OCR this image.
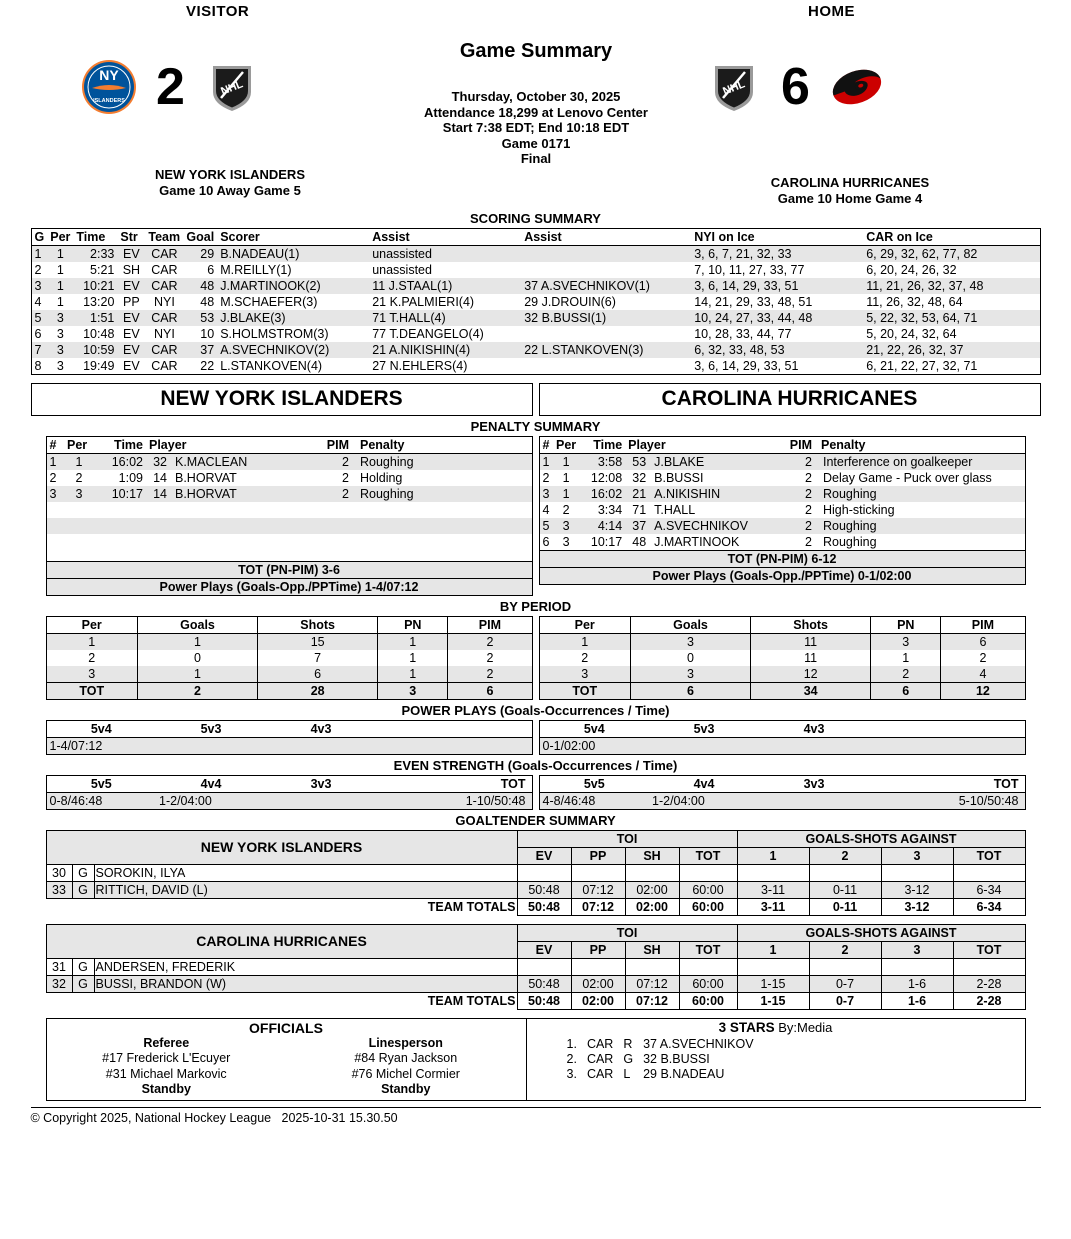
VISITOR	HOME
NY
ISLANDERS 2	NHL
Game Summary
Thursday, October 30, 2025
Attendance 18,299 at Lenovo Center
Start 7:38 EDT; End 10:18 EDT
Game 0171
Final
NHL 6
NEW YORK ISLANDERS
Game 10 Away Game 5
CAROLINA HURRICANES
Game 10 Home Game 4
SCORING SUMMARY
G	Per	Time	Str	Team	Goal	Scorer	Assist	Assist	NYI on Ice	CAR on Ice
1	1	2:33	EV	CAR	29	B.NADEAU(1)	unassisted		3, 6, 7, 21, 32, 33	6, 29, 32, 62, 77, 82
2	1	5:21	SH	CAR	6	M.REILLY(1)	unassisted		7, 10, 11, 27, 33, 77	6, 20, 24, 26, 32
3	1	10:21	EV	CAR	48	J.MARTINOOK(2)	11 J.STAAL(1)	37 A.SVECHNIKOV(1)	3, 6, 14, 29, 33, 51	11, 21, 26, 32, 37, 48
4	1	13:20	PP	NYI	48	M.SCHAEFER(3)	21 K.PALMIERI(4)	29 J.DROUIN(6)	14, 21, 29, 33, 48, 51	11, 26, 32, 48, 64
5	3	1:51	EV	CAR	53	J.BLAKE(3)	71 T.HALL(4)	32 B.BUSSI(1)	10, 24, 27, 33, 44, 48	5, 22, 32, 53, 64, 71
6	3	10:48	EV	NYI	10	S.HOLMSTROM(3)	77 T.DEANGELO(4)		10, 28, 33, 44, 77	5, 20, 24, 32, 64
7	3	10:59	EV	CAR	37	A.SVECHNIKOV(2)	21 A.NIKISHIN(4)	22 L.STANKOVEN(3)	6, 32, 33, 48, 53	21, 22, 26, 32, 37
8	3	19:49	EV	CAR	22	L.STANKOVEN(4)	27 N.EHLERS(4)		3, 6, 14, 29, 33, 51	6, 21, 22, 27, 32, 71
NEW YORK ISLANDERS	CAROLINA HURRICANES
PENALTY SUMMARY
#	Per	Time	Player		PIM	Penalty
1	1	16:02	32	K.MACLEAN	2	Roughing
2	2	1:09	14	B.HORVAT	2	Holding
3	3	10:17	14	B.HORVAT	2	Roughing

TOT (PN-PIM) 3-6						
Power Plays (Goals-Opp./PPTime) 1-4/07:12						
#	Per	Time	Player		PIM	Penalty
1	1	3:58	53	J.BLAKE	2	Interference on goalkeeper
2	1	12:08	32	B.BUSSI	2	Delay Game - Puck over glass
3	1	16:02	21	A.NIKISHIN	2	Roughing
4	2	3:34	71	T.HALL	2	High-sticking
5	3	4:14	37	A.SVECHNIKOV	2	Roughing
6	3	10:17	48	J.MARTINOOK	2	Roughing
TOT (PN-PIM) 6-12						
Power Plays (Goals-Opp./PPTime) 0-1/02:00						
BY PERIOD
Per	Goals	Shots	PN	PIM
1	1	15	1	2
2	0	7	1	2
3	1	6	1	2
TOT	2	28	3	6
Per	Goals	Shots	PN	PIM
1	3	11	3	6
2	0	11	1	2
3	3	12	2	4
TOT	6	34	6	12
POWER PLAYS (Goals-Occurrences / Time)
5v4	5v3	4v3	
1-4/07:12			
5v4	5v3	4v3	
0-1/02:00			
EVEN STRENGTH (Goals-Occurrences / Time)
5v5	4v4	3v3	TOT
0-8/46:48	1-2/04:00		1-10/50:48
5v5	4v4	3v3	TOT
4-8/46:48	1-2/04:00		5-10/50:48
GOALTENDER SUMMARY
NEW YORK ISLANDERS			TOI				GOALS-SHOTS AGAINST			
			EV	PP	SH	TOT	1	2	3	TOT
30	G	SOROKIN, ILYA								
33	G	RITTICH, DAVID (L)	50:48	07:12	02:00	60:00	3-11	0-11	3-12	6-34
TEAM TOTALS			50:48	07:12	02:00	60:00	3-11	0-11	3-12	6-34
CAROLINA HURRICANES			TOI				GOALS-SHOTS AGAINST			
			EV	PP	SH	TOT	1	2	3	TOT
31	G	ANDERSEN, FREDERIK								
32	G	BUSSI, BRANDON (W)	50:48	02:00	07:12	60:00	1-15	0-7	1-6	2-28
TEAM TOTALS			50:48	02:00	07:12	60:00	1-15	0-7	1-6	2-28
OFFICIALS
Referee
#17 Frederick L'Ecuyer
#31 Michael Markovic
Standby
Linesperson
#84 Ryan Jackson
#76 Michel Cormier
Standby
3 STARS By:Media
1.	CAR	R	37 A.SVECHNIKOV
2.	CAR	G	32 B.BUSSI
3.	CAR	L	29 B.NADEAU
© Copyright 2025, National Hockey League 2025-10-31 15.30.50
